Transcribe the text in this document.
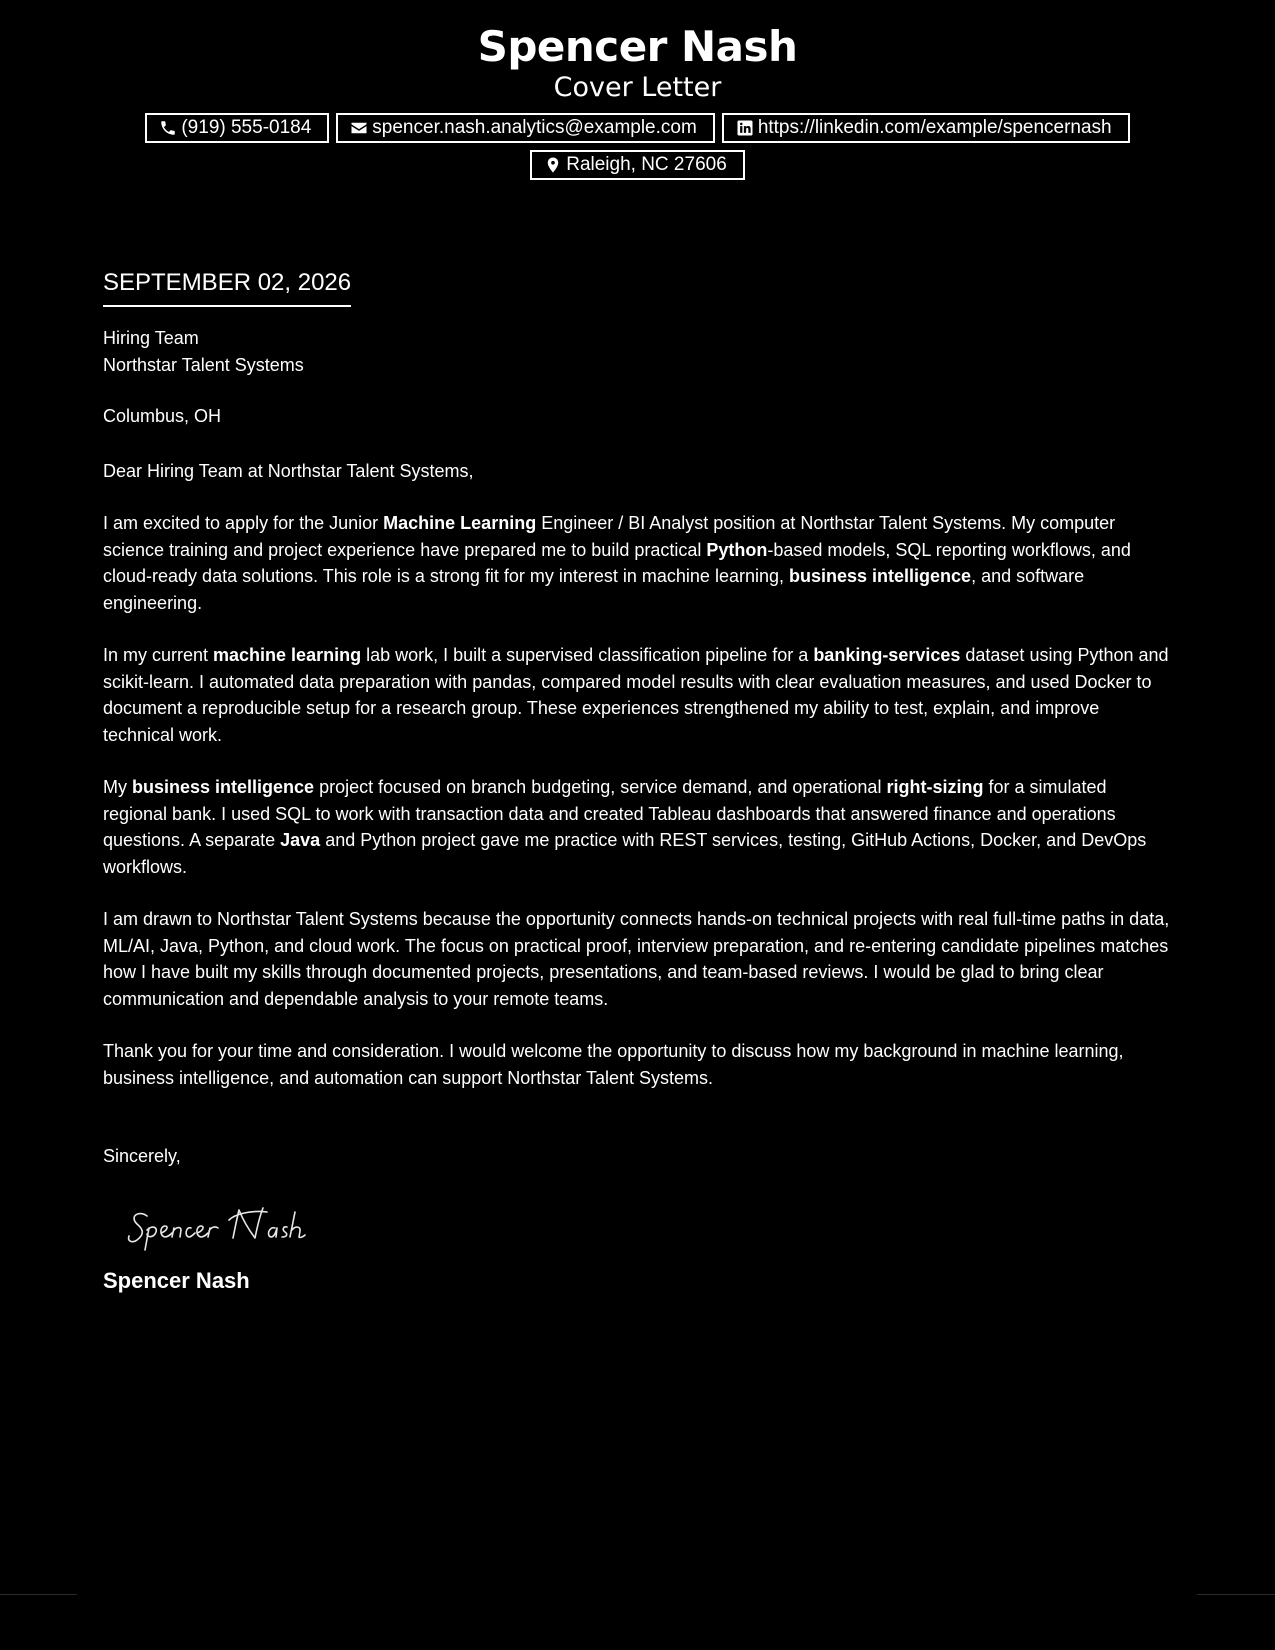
Spencer Nash
Cover Letter
(919) 555-0184	spencer.nash.analytics@example.com	https://linkedin.com/example/spencernash
Raleigh, NC 27606
SEPTEMBER 02, 2026
Hiring Team
Northstar Talent Systems
Columbus, OH
Dear Hiring Team at Northstar Talent Systems,

I am excited to apply for the Junior Machine Learning Engineer / BI Analyst position at Northstar Talent Systems. My computer science training and project experience have prepared me to build practical Python-based models, SQL reporting workflows, and cloud-ready data solutions. This role is a strong fit for my interest in machine learning, business intelligence, and software engineering.

In my current machine learning lab work, I built a supervised classification pipeline for a banking-services dataset using Python and scikit-learn. I automated data preparation with pandas, compared model results with clear evaluation measures, and used Docker to document a reproducible setup for a research group. These experiences strengthened my ability to test, explain, and improve technical work.

My business intelligence project focused on branch budgeting, service demand, and operational right-sizing for a simulated regional bank. I used SQL to work with transaction data and created Tableau dashboards that answered finance and operations questions. A separate Java and Python project gave me practice with REST services, testing, GitHub Actions, Docker, and DevOps workflows.

I am drawn to Northstar Talent Systems because the opportunity connects hands-on technical projects with real full-time paths in data, ML/AI, Java, Python, and cloud work. The focus on practical proof, interview preparation, and re-entering candidate pipelines matches how I have built my skills through documented projects, presentations, and team-based reviews. I would be glad to bring clear communication and dependable analysis to your remote teams.

Thank you for your time and consideration. I would welcome the opportunity to discuss how my background in machine learning, business intelligence, and automation can support Northstar Talent Systems.

Sincerely,
Spencer Nash
